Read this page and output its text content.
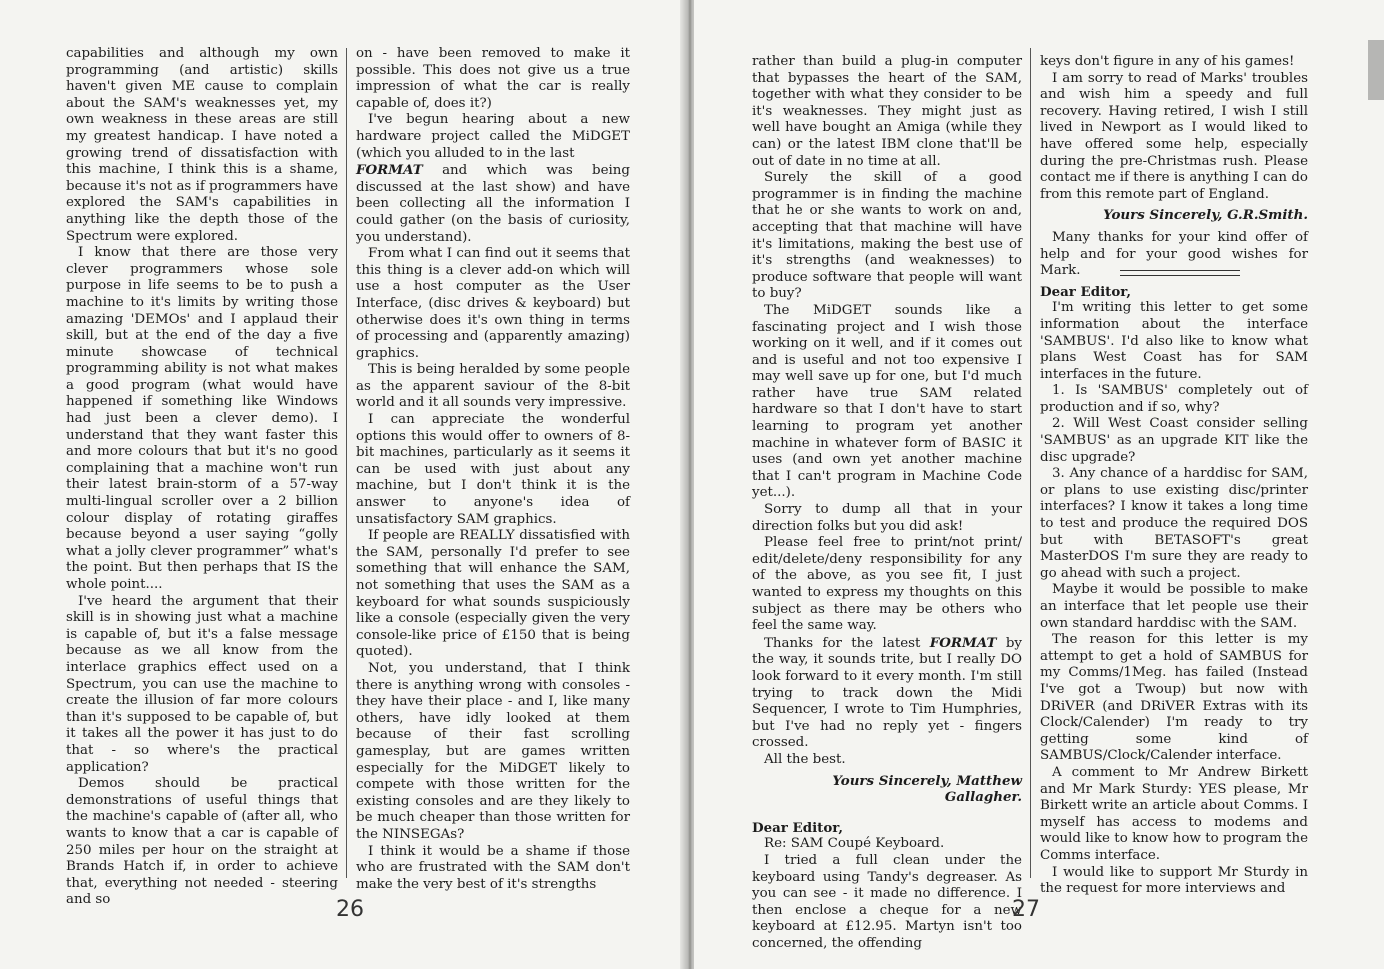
capabilities and although my own programming (and artistic) skills haven't given ME cause to complain about the SAM's weaknesses yet, my own weakness in these areas are still my greatest handicap. I have noted a growing trend of dissatisfaction with this machine, I think this is a shame, because it's not as if programmers have explored the SAM's capabilities in anything like the depth those of the Spectrum were explored.

I know that there are those very clever programmers whose sole purpose in life seems to be to push a machine to it's limits by writing those amazing 'DEMOs' and I applaud their skill, but at the end of the day a five minute showcase of technical programming ability is not what makes a good program (what would have happened if something like Windows had just been a clever demo). I understand that they want faster this and more colours that but it's no good complaining that a machine won't run their latest brain-storm of a 57-way multi-lingual scroller over a 2 billion colour display of rotating giraffes because beyond a user saying “golly what a jolly clever programmer” what's the point. But then perhaps that IS the whole point....

I've heard the argument that their skill is in showing just what a machine is capable of, but it's a false message because as we all know from the interlace graphics effect used on a Spectrum, you can use the machine to create the illusion of far more colours than it's supposed to be capable of, but it takes all the power it has just to do that - so where's the practical application?

Demos should be practical demonstrations of useful things that the machine's capable of (after all, who wants to know that a car is capable of 250 miles per hour on the straight at Brands Hatch if, in order to achieve that, everything not needed - steering and so

on - have been removed to make it possible. This does not give us a true impression of what the car is really capable of, does it?)

I've begun hearing about a new hardware project called the MiDGET (which you alluded to in the last

FORMAT and which was being discussed at the last show) and have been collecting all the information I could gather (on the basis of curiosity, you understand).

From what I can find out it seems that this thing is a clever add-on which will use a host computer as the User Interface, (disc drives & keyboard) but otherwise does it's own thing in terms of processing and (apparently amazing) graphics.

This is being heralded by some people as the apparent saviour of the 8-bit world and it all sounds very impressive.

I can appreciate the wonderful options this would offer to owners of 8-bit machines, particularly as it seems it can be used with just about any machine, but I don't think it is the answer to anyone's idea of unsatisfactory SAM graphics.

If people are REALLY dissatisfied with the SAM, personally I'd prefer to see something that will enhance the SAM, not something that uses the SAM as a keyboard for what sounds suspiciously like a console (especially given the very console-like price of £150 that is being quoted).

Not, you understand, that I think there is anything wrong with consoles - they have their place - and I, like many others, have idly looked at them because of their fast scrolling gamesplay, but are games written especially for the MiDGET likely to compete with those written for the existing consoles and are they likely to be much cheaper than those written for the NINSEGAs?

I think it would be a shame if those who are frustrated with the SAM don't make the very best of it's strengths

26

rather than build a plug-in computer that bypasses the heart of the SAM, together with what they consider to be it's weaknesses. They might just as well have bought an Amiga (while they can) or the latest IBM clone that'll be out of date in no time at all.

Surely the skill of a good programmer is in finding the machine that he or she wants to work on and, accepting that that machine will have it's limitations, making the best use of it's strengths (and weaknesses) to produce software that people will want to buy?

The MiDGET sounds like a fascinating project and I wish those working on it well, and if it comes out and is useful and not too expensive I may well save up for one, but I'd much rather have true SAM related hardware so that I don't have to start learning to program yet another machine in whatever form of BASIC it uses (and own yet another machine that I can't program in Machine Code yet...).

Sorry to dump all that in your direction folks but you did ask!

Please feel free to print/not print/ edit/delete/deny responsibility for any of the above, as you see fit, I just wanted to express my thoughts on this subject as there may be others who feel the same way.

Thanks for the latest FORMAT by the way, it sounds trite, but I really DO look forward to it every month. I'm still trying to track down the Midi Sequencer, I wrote to Tim Humphries, but I've had no reply yet - fingers crossed.

All the best.

Yours Sincerely, Matthew Gallagher.

Dear Editor,

Re: SAM Coupé Keyboard.

I tried a full clean under the keyboard using Tandy's degreaser. As you can see - it made no difference. I then enclose a cheque for a new keyboard at £12.95. Martyn isn't too concerned, the offending

keys don't figure in any of his games!

I am sorry to read of Marks' troubles and wish him a speedy and full recovery. Having retired, I wish I still lived in Newport as I would liked to have offered some help, especially during the pre-Christmas rush. Please contact me if there is anything I can do from this remote part of England.

Yours Sincerely, G.R.Smith.

Many thanks for your kind offer of help and for your good wishes for Mark.

Dear Editor,

I'm writing this letter to get some information about the interface 'SAMBUS'. I'd also like to know what plans West Coast has for SAM interfaces in the future.

1. Is 'SAMBUS' completely out of production and if so, why?

2. Will West Coast consider selling 'SAMBUS' as an upgrade KIT like the disc upgrade?

3. Any chance of a harddisc for SAM, or plans to use existing disc/printer interfaces? I know it takes a long time to test and produce the required DOS but with BETASOFT's great MasterDOS I'm sure they are ready to go ahead with such a project.

Maybe it would be possible to make an interface that let people use their own standard harddisc with the SAM.

The reason for this letter is my attempt to get a hold of SAMBUS for my Comms/1Meg. has failed (Instead I've got a Twoup) but now with DRiVER (and DRiVER Extras with its Clock/Calender) I'm ready to try getting some kind of SAMBUS/Clock/Calender interface.

A comment to Mr Andrew Birkett and Mr Mark Sturdy: YES please, Mr Birkett write an article about Comms. I myself has access to modems and would like to know how to program the Comms interface.

I would like to support Mr Sturdy in the request for more interviews and

27
